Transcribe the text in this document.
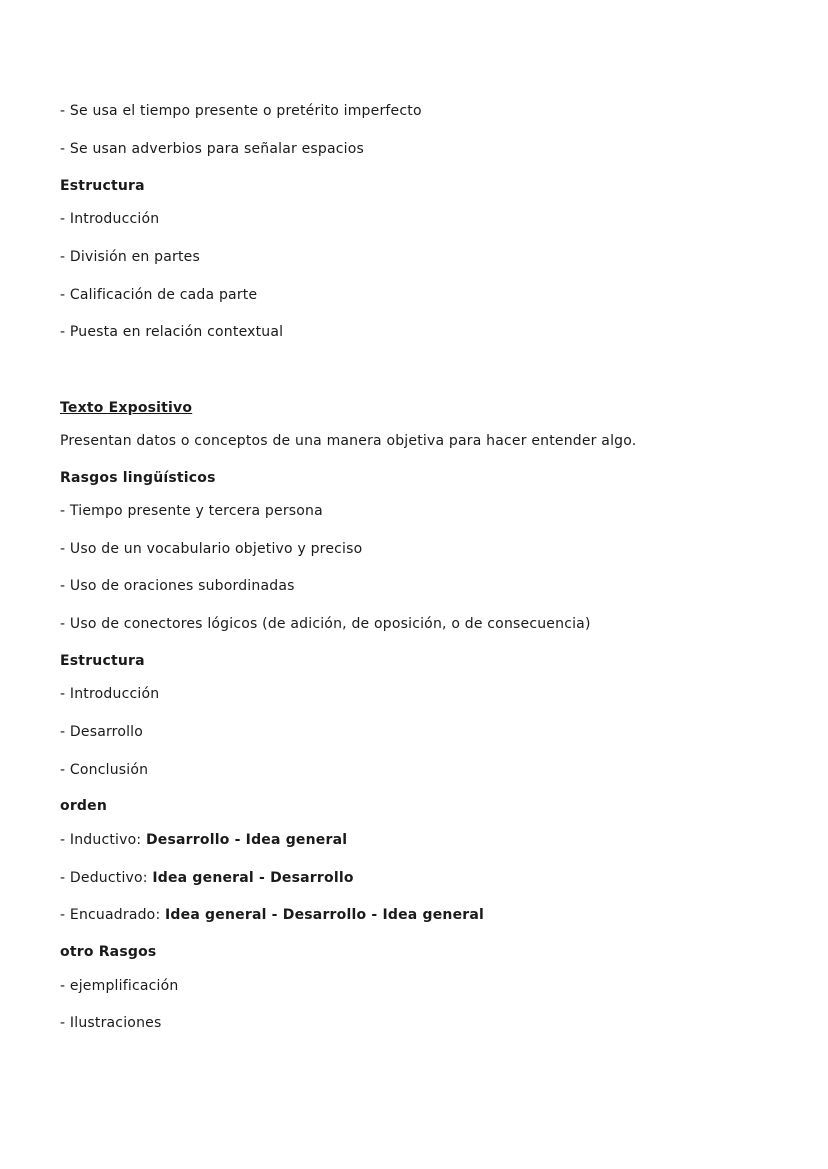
- Se usa el tiempo presente o pretérito imperfecto
- Se usan adverbios para señalar espacios
Estructura
- Introducción
- División en partes
- Calificación de cada parte
- Puesta en relación contextual
Texto Expositivo
Presentan datos o conceptos de una manera objetiva para hacer entender algo.
Rasgos lingüísticos
- Tiempo presente y tercera persona
- Uso de un vocabulario objetivo y preciso
- Uso de oraciones subordinadas
- Uso de conectores lógicos (de adición, de oposición, o de consecuencia)
Estructura
- Introducción
- Desarrollo
- Conclusión
orden
- Inductivo: Desarrollo - Idea general
- Deductivo: Idea general - Desarrollo
- Encuadrado: Idea general - Desarrollo - Idea general
otro Rasgos
- ejemplificación
- Ilustraciones
